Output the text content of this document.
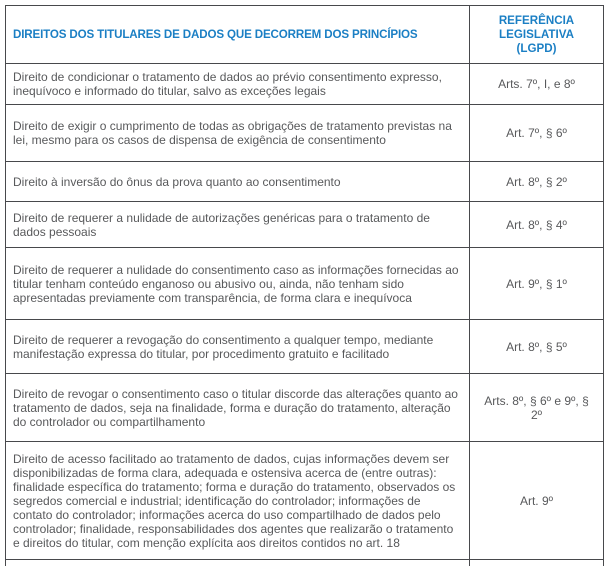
DIREITOS DOS TITULARES DE DADOS QUE DECORREM DOS PRINCÍPIOS	REFERÊNCIA LEGISLATIVA (LGPD)
Direito de condicionar o tratamento de dados ao prévio consentimento expresso, inequívoco e informado do titular, salvo as exceções legais	Arts. 7º, I, e 8º
Direito de exigir o cumprimento de todas as obrigações de tratamento previstas na lei, mesmo para os casos de dispensa de exigência de consentimento	Art. 7º, § 6º
Direito à inversão do ônus da prova quanto ao consentimento	Art. 8º, § 2º
Direito de requerer a nulidade de autorizações genéricas para o tratamento de dados pessoais	Art. 8º, § 4º
Direito de requerer a nulidade do consentimento caso as informações fornecidas ao titular tenham conteúdo enganoso ou abusivo ou, ainda, não tenham sido apresentadas previamente com transparência, de forma clara e inequívoca	Art. 9º, § 1º
Direito de requerer a revogação do consentimento a qualquer tempo, mediante manifestação expressa do titular, por procedimento gratuito e facilitado	Art. 8º, § 5º
Direito de revogar o consentimento caso o titular discorde das alterações quanto ao tratamento de dados, seja na finalidade, forma e duração do tratamento, alteração do controlador ou compartilhamento	Arts. 8º, § 6º e 9º, § 2º
Direito de acesso facilitado ao tratamento de dados, cujas informações devem ser disponibilizadas de forma clara, adequada e ostensiva acerca de (entre outras): finalidade específica do tratamento; forma e duração do tratamento, observados os segredos comercial e industrial; identificação do controlador; informações de contato do controlador; informações acerca do uso compartilhado de dados pelo controlador; finalidade, responsabilidades dos agentes que realizarão o tratamento e direitos do titular, com menção explícita aos direitos contidos no art. 18	Art. 9º
